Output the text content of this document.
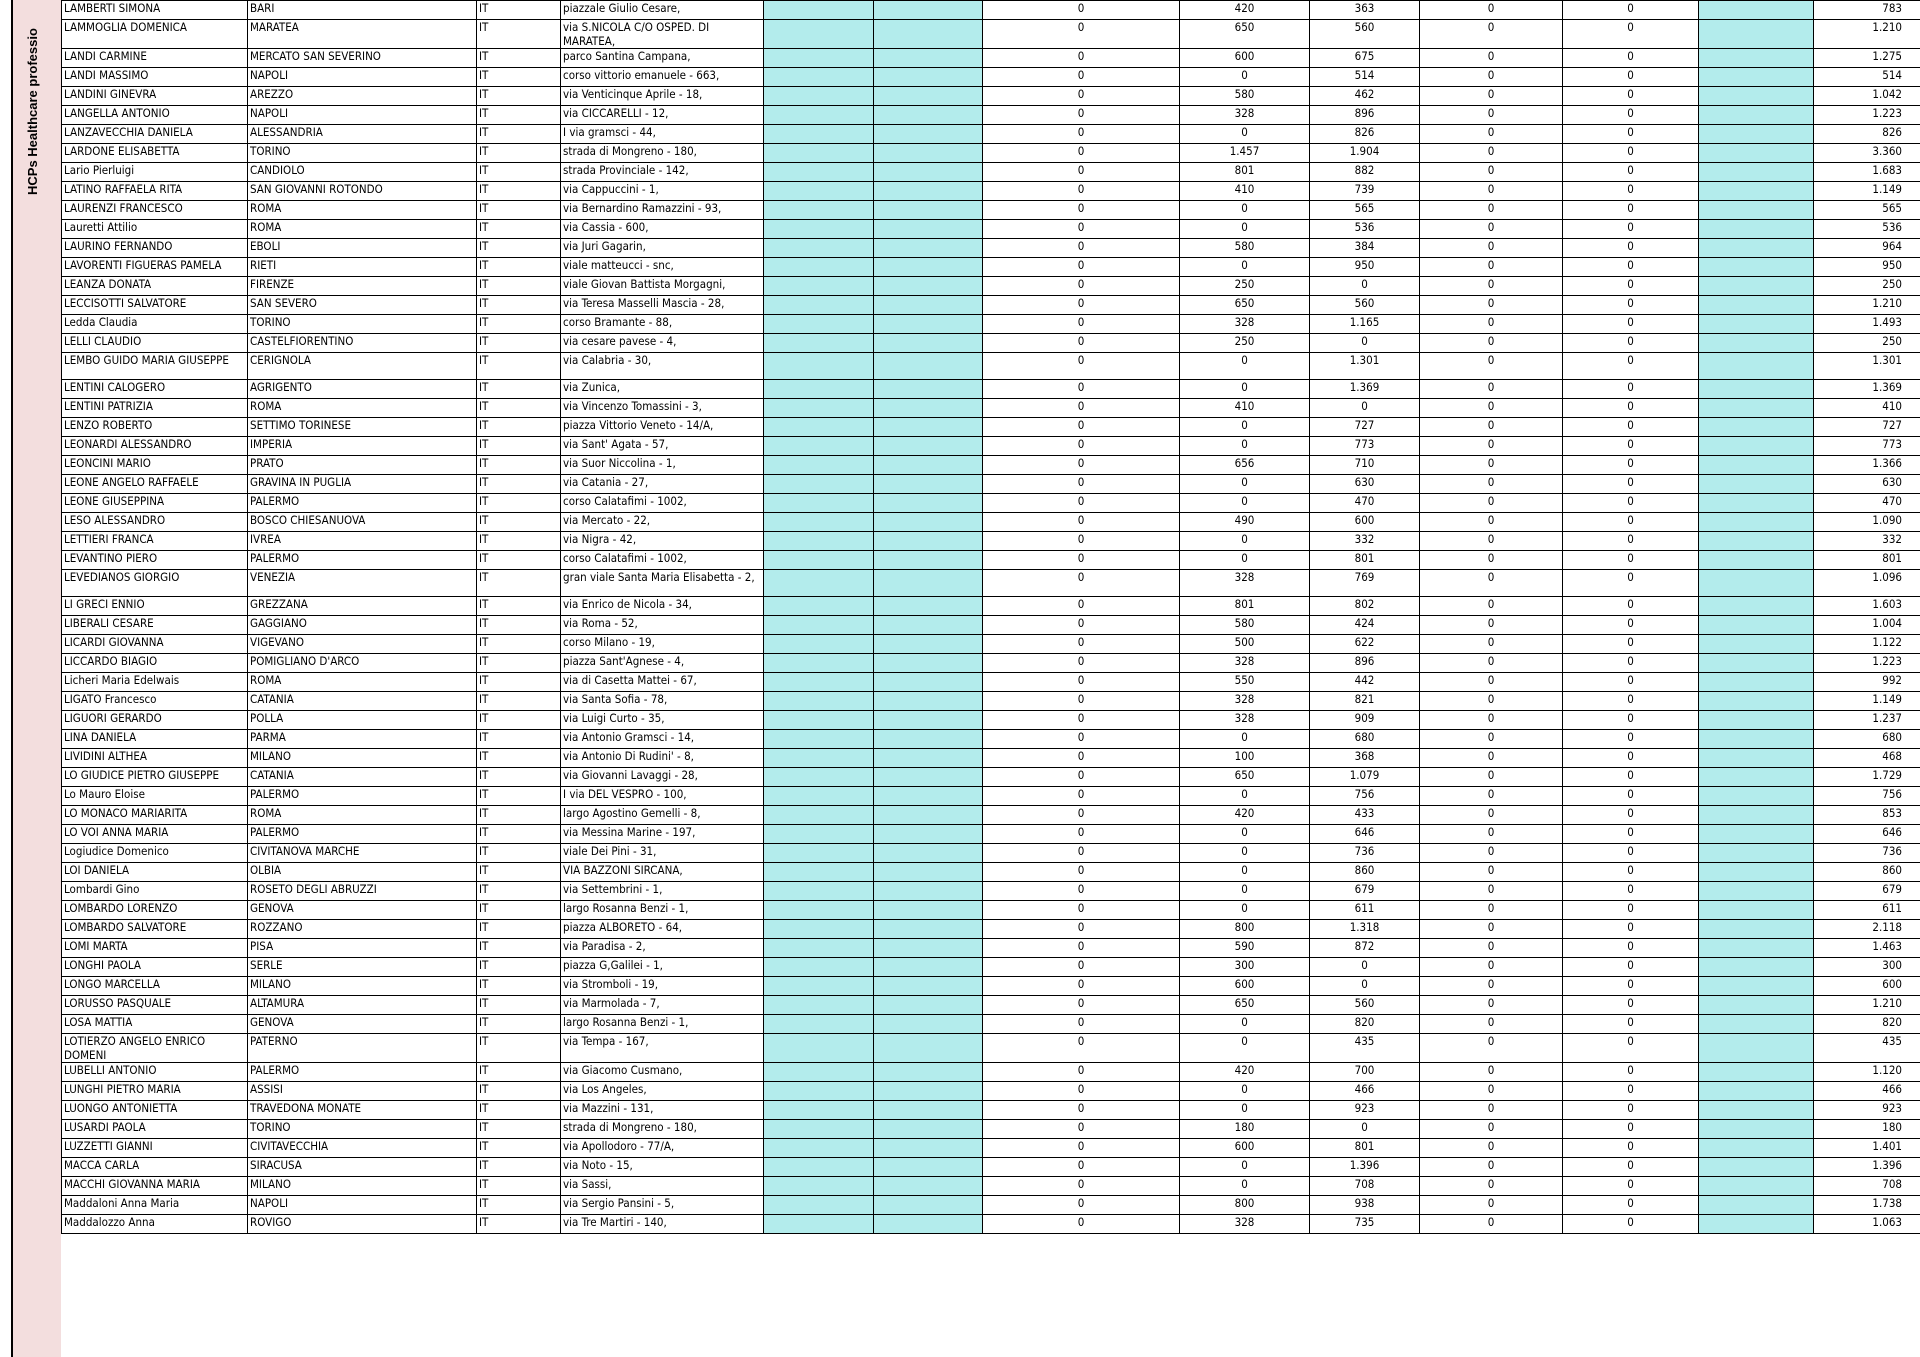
HCPs Healthcare professio
LAMBERTI SIMONA	BARI	IT	piazzale Giulio Cesare,			0	420	363	0	0		783
LAMMOGLIA DOMENICA	MARATEA	IT	via S.NICOLA C/O OSPED. DI MARATEA,			0	650	560	0	0		1.210
LANDI CARMINE	MERCATO SAN SEVERINO	IT	parco Santina Campana,			0	600	675	0	0		1.275
LANDI MASSIMO	NAPOLI	IT	corso vittorio emanuele - 663,			0	0	514	0	0		514
LANDINI GINEVRA	AREZZO	IT	via Venticinque Aprile - 18,			0	580	462	0	0		1.042
LANGELLA ANTONIO	NAPOLI	IT	via CICCARELLI - 12,			0	328	896	0	0		1.223
LANZAVECCHIA DANIELA	ALESSANDRIA	IT	I via gramsci - 44,			0	0	826	0	0		826
LARDONE ELISABETTA	TORINO	IT	strada di Mongreno - 180,			0	1.457	1.904	0	0		3.360
Lario Pierluigi	CANDIOLO	IT	strada Provinciale - 142,			0	801	882	0	0		1.683
LATINO RAFFAELA RITA	SAN GIOVANNI ROTONDO	IT	via Cappuccini - 1,			0	410	739	0	0		1.149
LAURENZI FRANCESCO	ROMA	IT	via Bernardino Ramazzini - 93,			0	0	565	0	0		565
Lauretti Attilio	ROMA	IT	via Cassia - 600,			0	0	536	0	0		536
LAURINO FERNANDO	EBOLI	IT	via Juri Gagarin,			0	580	384	0	0		964
LAVORENTI FIGUERAS PAMELA	RIETI	IT	viale matteucci - snc,			0	0	950	0	0		950
LEANZA DONATA	FIRENZE	IT	viale Giovan Battista Morgagni,			0	250	0	0	0		250
LECCISOTTI SALVATORE	SAN SEVERO	IT	via Teresa Masselli Mascia - 28,			0	650	560	0	0		1.210
Ledda Claudia	TORINO	IT	corso Bramante - 88,			0	328	1.165	0	0		1.493
LELLI CLAUDIO	CASTELFIORENTINO	IT	via cesare pavese - 4,			0	250	0	0	0		250
LEMBO GUIDO MARIA GIUSEPPE	CERIGNOLA	IT	via Calabria - 30,			0	0	1.301	0	0		1.301
LENTINI CALOGERO	AGRIGENTO	IT	via Zunica,			0	0	1.369	0	0		1.369
LENTINI PATRIZIA	ROMA	IT	via Vincenzo Tomassini - 3,			0	410	0	0	0		410
LENZO ROBERTO	SETTIMO TORINESE	IT	piazza Vittorio Veneto - 14/A,			0	0	727	0	0		727
LEONARDI ALESSANDRO	IMPERIA	IT	via Sant' Agata - 57,			0	0	773	0	0		773
LEONCINI MARIO	PRATO	IT	via Suor Niccolina - 1,			0	656	710	0	0		1.366
LEONE ANGELO RAFFAELE	GRAVINA IN PUGLIA	IT	via Catania - 27,			0	0	630	0	0		630
LEONE GIUSEPPINA	PALERMO	IT	corso Calatafimi - 1002,			0	0	470	0	0		470
LESO ALESSANDRO	BOSCO CHIESANUOVA	IT	via Mercato - 22,			0	490	600	0	0		1.090
LETTIERI FRANCA	IVREA	IT	via Nigra - 42,			0	0	332	0	0		332
LEVANTINO PIERO	PALERMO	IT	corso Calatafimi - 1002,			0	0	801	0	0		801
LEVEDIANOS GIORGIO	VENEZIA	IT	gran viale Santa Maria Elisabetta - 2,			0	328	769	0	0		1.096
LI GRECI ENNIO	GREZZANA	IT	via Enrico de Nicola - 34,			0	801	802	0	0		1.603
LIBERALI CESARE	GAGGIANO	IT	via Roma - 52,			0	580	424	0	0		1.004
LICARDI GIOVANNA	VIGEVANO	IT	corso Milano - 19,			0	500	622	0	0		1.122
LICCARDO BIAGIO	POMIGLIANO D'ARCO	IT	piazza Sant'Agnese - 4,			0	328	896	0	0		1.223
Licheri Maria Edelwais	ROMA	IT	via di Casetta Mattei - 67,			0	550	442	0	0		992
LIGATO Francesco	CATANIA	IT	via Santa Sofia - 78,			0	328	821	0	0		1.149
LIGUORI GERARDO	POLLA	IT	via Luigi Curto - 35,			0	328	909	0	0		1.237
LINA DANIELA	PARMA	IT	via Antonio Gramsci - 14,			0	0	680	0	0		680
LIVIDINI ALTHEA	MILANO	IT	via Antonio Di Rudini' - 8,			0	100	368	0	0		468
LO GIUDICE PIETRO GIUSEPPE	CATANIA	IT	via Giovanni Lavaggi - 28,			0	650	1.079	0	0		1.729
Lo Mauro Eloise	PALERMO	IT	I via DEL VESPRO - 100,			0	0	756	0	0		756
LO MONACO MARIARITA	ROMA	IT	largo Agostino Gemelli - 8,			0	420	433	0	0		853
LO VOI ANNA MARIA	PALERMO	IT	via Messina Marine - 197,			0	0	646	0	0		646
Logiudice Domenico	CIVITANOVA MARCHE	IT	viale Dei Pini - 31,			0	0	736	0	0		736
LOI DANIELA	OLBIA	IT	VIA BAZZONI SIRCANA,			0	0	860	0	0		860
Lombardi Gino	ROSETO DEGLI ABRUZZI	IT	via Settembrini - 1,			0	0	679	0	0		679
LOMBARDO LORENZO	GENOVA	IT	largo Rosanna Benzi - 1,			0	0	611	0	0		611
LOMBARDO SALVATORE	ROZZANO	IT	piazza ALBORETO - 64,			0	800	1.318	0	0		2.118
LOMI MARTA	PISA	IT	via Paradisa - 2,			0	590	872	0	0		1.463
LONGHI PAOLA	SERLE	IT	piazza G,Galilei - 1,			0	300	0	0	0		300
LONGO MARCELLA	MILANO	IT	via Stromboli - 19,			0	600	0	0	0		600
LORUSSO PASQUALE	ALTAMURA	IT	via Marmolada - 7,			0	650	560	0	0		1.210
LOSA MATTIA	GENOVA	IT	largo Rosanna Benzi - 1,			0	0	820	0	0		820
LOTIERZO ANGELO ENRICO DOMENI	PATERNO	IT	via Tempa - 167,			0	0	435	0	0		435
LUBELLI ANTONIO	PALERMO	IT	via Giacomo Cusmano,			0	420	700	0	0		1.120
LUNGHI PIETRO MARIA	ASSISI	IT	via Los Angeles,			0	0	466	0	0		466
LUONGO ANTONIETTA	TRAVEDONA MONATE	IT	via Mazzini - 131,			0	0	923	0	0		923
LUSARDI PAOLA	TORINO	IT	strada di Mongreno - 180,			0	180	0	0	0		180
LUZZETTI GIANNI	CIVITAVECCHIA	IT	via Apollodoro - 77/A,			0	600	801	0	0		1.401
MACCA CARLA	SIRACUSA	IT	via Noto - 15,			0	0	1.396	0	0		1.396
MACCHI GIOVANNA MARIA	MILANO	IT	via Sassi,			0	0	708	0	0		708
Maddaloni Anna Maria	NAPOLI	IT	via Sergio Pansini - 5,			0	800	938	0	0		1.738
Maddalozzo Anna	ROVIGO	IT	via Tre Martiri - 140,			0	328	735	0	0		1.063
